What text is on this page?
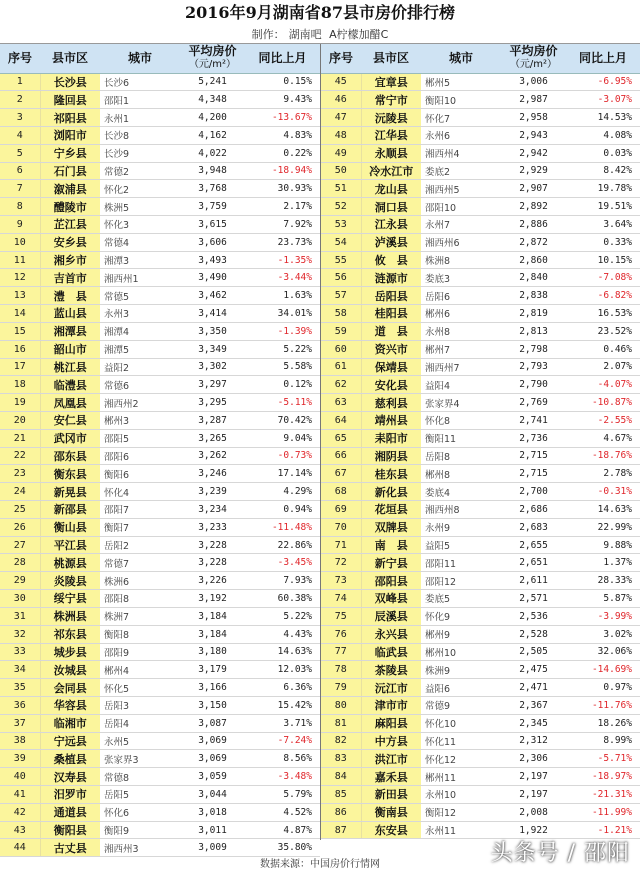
2016年9月湖南省87县市房价排行榜
制作： 湖南吧 A柠檬加醋C
序号	县市区	城市	平均房价
（元/m²）	同比上月
1	长沙县	长沙6	5,241	0.15%
2	隆回县	邵阳1	4,348	9.43%
3	祁阳县	永州1	4,200	-13.67%
4	浏阳市	长沙8	4,162	4.83%
5	宁乡县	长沙9	4,022	0.22%
6	石门县	常德2	3,948	-18.94%
7	溆浦县	怀化2	3,768	30.93%
8	醴陵市	株洲5	3,759	2.17%
9	芷江县	怀化3	3,615	7.92%
10	安乡县	常德4	3,606	23.73%
11	湘乡市	湘潭3	3,493	-1.35%
12	吉首市	湘西州1	3,490	-3.44%
13	澧　县	常德5	3,462	1.63%
14	蓝山县	永州3	3,414	34.01%
15	湘潭县	湘潭4	3,350	-1.39%
16	韶山市	湘潭5	3,349	5.22%
17	桃江县	益阳2	3,302	5.58%
18	临澧县	常德6	3,297	0.12%
19	凤凰县	湘西州2	3,295	-5.11%
20	安仁县	郴州3	3,287	70.42%
21	武冈市	邵阳5	3,265	9.04%
22	邵东县	邵阳6	3,262	-0.73%
23	衡东县	衡阳6	3,246	17.14%
24	新晃县	怀化4	3,239	4.29%
25	新邵县	邵阳7	3,234	0.94%
26	衡山县	衡阳7	3,233	-11.48%
27	平江县	岳阳2	3,228	22.86%
28	桃源县	常德7	3,228	-3.45%
29	炎陵县	株洲6	3,226	7.93%
30	绥宁县	邵阳8	3,192	60.38%
31	株洲县	株洲7	3,184	5.22%
32	祁东县	衡阳8	3,184	4.43%
33	城步县	邵阳9	3,180	14.63%
34	汝城县	郴州4	3,179	12.03%
35	会同县	怀化5	3,166	6.36%
36	华容县	岳阳3	3,150	15.42%
37	临湘市	岳阳4	3,087	3.71%
38	宁远县	永州5	3,069	-7.24%
39	桑植县	张家界3	3,069	8.56%
40	汉寿县	常德8	3,059	-3.48%
41	汨罗市	岳阳5	3,044	5.79%
42	通道县	怀化6	3,018	4.52%
43	衡阳县	衡阳9	3,011	4.87%
44	古丈县	湘西州3	3,009	35.80%
序号	县市区	城市	平均房价
（元/m²）	同比上月
45	宜章县	郴州5	3,006	-6.95%
46	常宁市	衡阳10	2,987	-3.07%
47	沅陵县	怀化7	2,958	14.53%
48	江华县	永州6	2,943	4.08%
49	永顺县	湘西州4	2,942	0.03%
50	冷水江市	娄底2	2,929	8.42%
51	龙山县	湘西州5	2,907	19.78%
52	洞口县	邵阳10	2,892	19.51%
53	江永县	永州7	2,886	3.64%
54	泸溪县	湘西州6	2,872	0.33%
55	攸　县	株洲8	2,860	10.15%
56	涟源市	娄底3	2,840	-7.08%
57	岳阳县	岳阳6	2,838	-6.82%
58	桂阳县	郴州6	2,819	16.53%
59	道　县	永州8	2,813	23.52%
60	资兴市	郴州7	2,798	0.46%
61	保靖县	湘西州7	2,793	2.07%
62	安化县	益阳4	2,790	-4.07%
63	慈利县	张家界4	2,769	-10.87%
64	靖州县	怀化8	2,741	-2.55%
65	耒阳市	衡阳11	2,736	4.67%
66	湘阴县	岳阳8	2,715	-18.76%
67	桂东县	郴州8	2,715	2.78%
68	新化县	娄底4	2,700	-0.31%
69	花垣县	湘西州8	2,686	14.63%
70	双牌县	永州9	2,683	22.99%
71	南　县	益阳5	2,655	9.88%
72	新宁县	邵阳11	2,651	1.37%
73	邵阳县	邵阳12	2,611	28.33%
74	双峰县	娄底5	2,571	5.87%
75	辰溪县	怀化9	2,536	-3.99%
76	永兴县	郴州9	2,528	3.02%
77	临武县	郴州10	2,505	32.06%
78	茶陵县	株洲9	2,475	-14.69%
79	沅江市	益阳6	2,471	0.97%
80	津市市	常德9	2,367	-11.76%
81	麻阳县	怀化10	2,345	18.26%
82	中方县	怀化11	2,312	8.99%
83	洪江市	怀化12	2,306	-5.71%
84	嘉禾县	郴州11	2,197	-18.97%
85	新田县	永州10	2,197	-21.31%
86	衡南县	衡阳12	2,008	-11.99%
87	东安县	永州11	1,922	-1.21%
数据来源：中国房价行情网	头条号 / 邵阳
